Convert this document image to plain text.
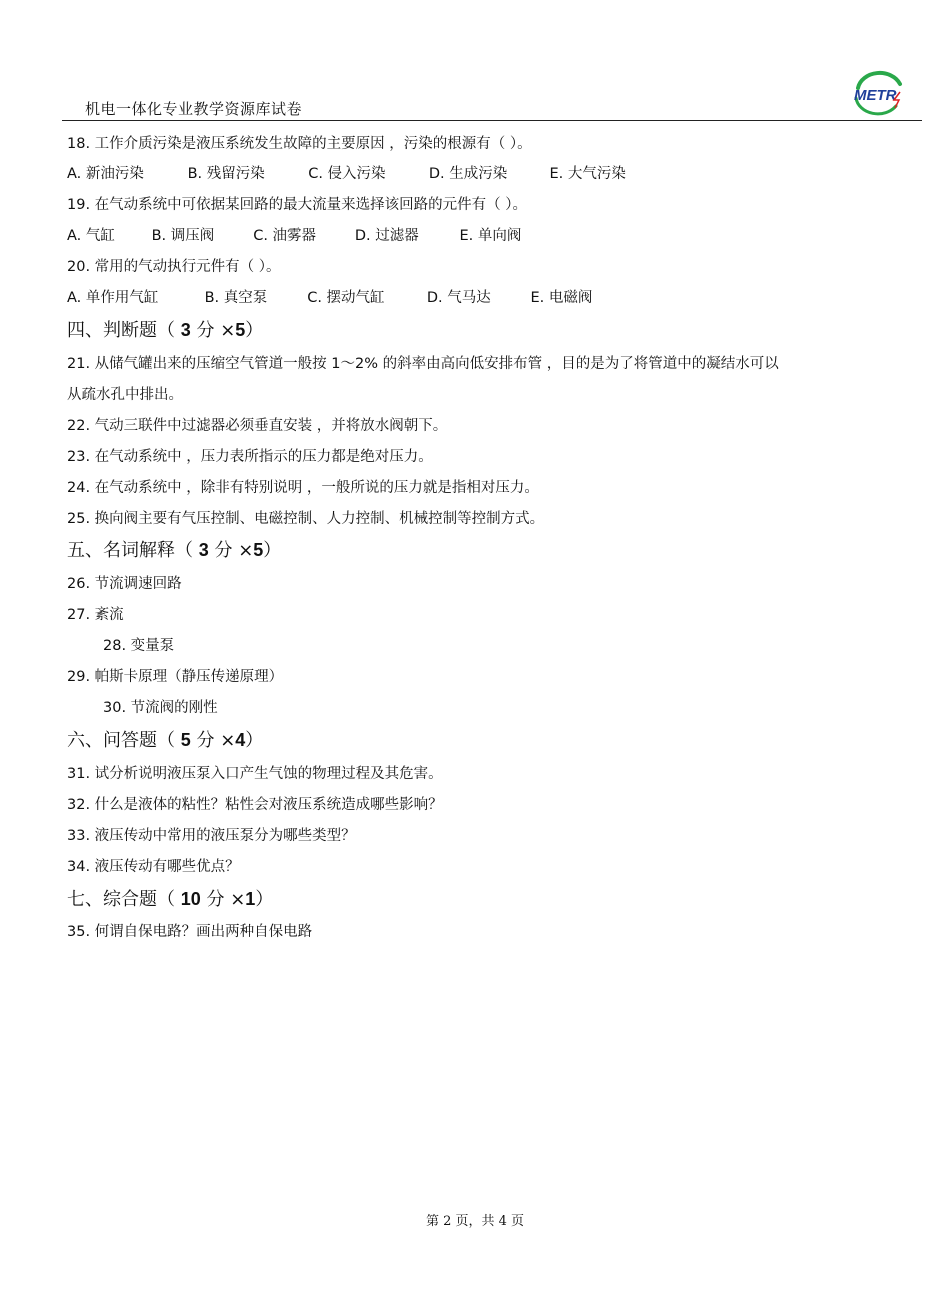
机电一体化专业教学资源库试卷
METR
18. 工作介质污染是液压系统发生故障的主要原因 ，污染的根源有（ ）。
A. 新油污染	B. 残留污染	C. 侵入污染	D. 生成污染	E. 大气污染
19. 在气动系统中可依据某回路的最大流量来选择该回路的元件有（ ）。
A. 气缸	B. 调压阀	C. 油雾器	D. 过滤器	E. 单向阀
20. 常用的气动执行元件有（ ）。
A. 单作用气缸	B. 真空泵	C. 摆动气缸	D. 气马达	E. 电磁阀
四、判断题（ 3 分 ×5）
21. 从储气罐出来的压缩空气管道一般按 1～2% 的斜率由高向低安排布管 ，目的是为了将管道中的凝结水可以
从疏水孔中排出。
22. 气动三联件中过滤器必须垂直安装 ，并将放水阀朝下。
23. 在气动系统中 ，压力表所指示的压力都是绝对压力。
24. 在气动系统中 ，除非有特别说明 ，一般所说的压力就是指相对压力。
25. 换向阀主要有气压控制、电磁控制、人力控制、机械控制等控制方式。
五、名词解释（ 3 分 ×5）
26. 节流调速回路
27. 紊流
28. 变量泵
29. 帕斯卡原理（静压传递原理）
30. 节流阀的刚性
六、问答题（ 5 分 ×4）
31. 试分析说明液压泵入口产生气蚀的物理过程及其危害。
32. 什么是液体的粘性？粘性会对液压系统造成哪些影响？
33. 液压传动中常用的液压泵分为哪些类型？
34. 液压传动有哪些优点？
七、综合题（ 10 分 ×1）
35. 何谓自保电路？画出两种自保电路
第 2 页，共 4 页
